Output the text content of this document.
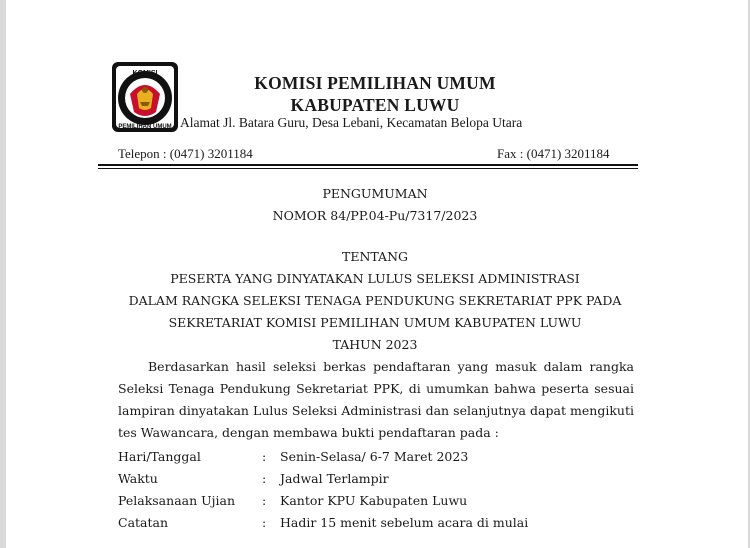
KOMISI
PEMILIHAN UMUM
KOMISI PEMILIHAN UMUM
KABUPATEN LUWU
Alamat Jl. Batara Guru, Desa Lebani, Kecamatan Belopa Utara
Telepon : (0471) 3201184	Fax : (0471) 3201184
PENGUMUMAN
NOMOR 84/PP.04-Pu/7317/2023
TENTANG
PESERTA YANG DINYATAKAN LULUS SELEKSI ADMINISTRASI
DALAM RANGKA SELEKSI TENAGA PENDUKUNG SEKRETARIAT PPK PADA
SEKRETARIAT KOMISI PEMILIHAN UMUM KABUPATEN LUWU
TAHUN 2023
Berdasarkan hasil seleksi berkas pendaftaran yang masuk dalam rangka
Seleksi Tenaga Pendukung Sekretariat PPK, di umumkan bahwa peserta sesuai
lampiran dinyatakan Lulus Seleksi Administrasi dan selanjutnya dapat mengikuti
tes Wawancara, dengan membawa bukti pendaftaran pada :
Hari/Tanggal	: Senin-Selasa/ 6-7 Maret 2023
Waktu	: Jadwal Terlampir
Pelaksanaan Ujian : Kantor KPU Kabupaten Luwu
Catatan	: Hadir 15 menit sebelum acara di mulai
